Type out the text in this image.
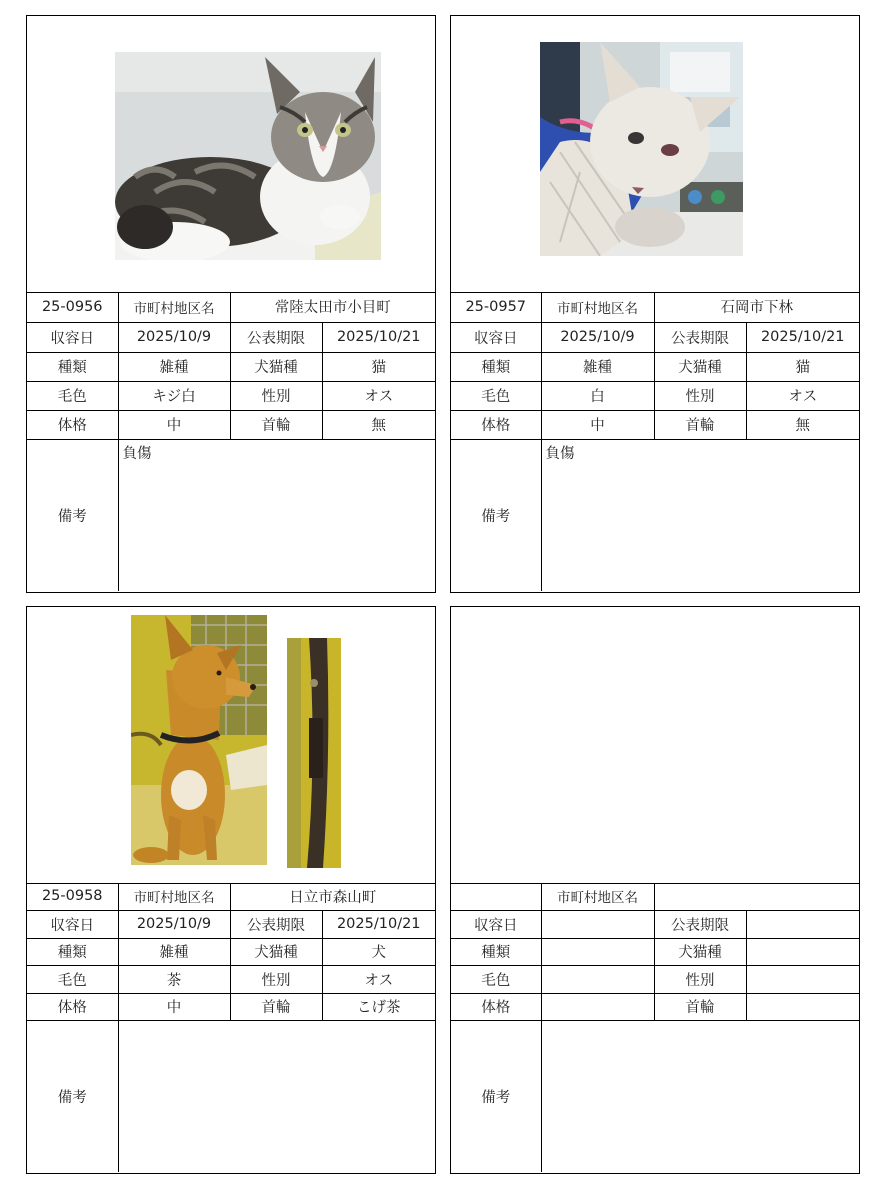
25-0956	市町村地区名	常陸太田市小目町	
収容日	2025/10/9	公表期限	2025/10/21
種類	雑種	犬猫種	猫
毛色	キジ白	性別	オス
体格	中	首輪	無
備考	負傷		
25-0957	市町村地区名	石岡市下林	
収容日	2025/10/9	公表期限	2025/10/21
種類	雑種	犬猫種	猫
毛色	白	性別	オス
体格	中	首輪	無
備考	負傷		
25-0958	市町村地区名	日立市森山町	
収容日	2025/10/9	公表期限	2025/10/21
種類	雑種	犬猫種	犬
毛色	茶	性別	オス
体格	中	首輪	こげ茶
備考			
	市町村地区名		
収容日		公表期限	
種類		犬猫種	
毛色		性別	
体格		首輪	
備考			
